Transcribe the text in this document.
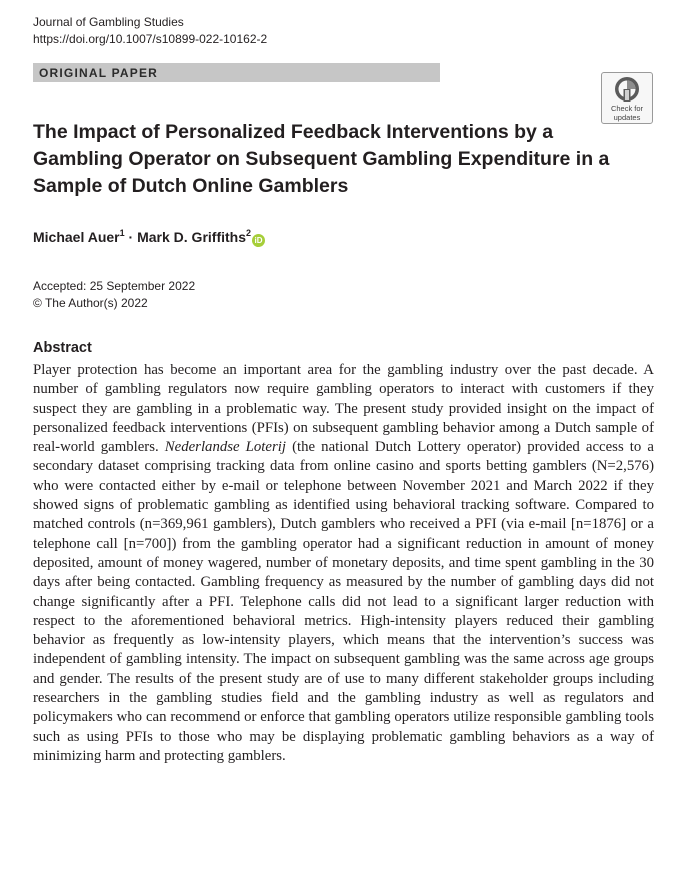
Journal of Gambling Studies
https://doi.org/10.1007/s10899-022-10162-2
ORIGINAL PAPER
Check for
updates
The Impact of Personalized Feedback Interventions by a Gambling Operator on Subsequent Gambling Expenditure in a Sample of Dutch Online Gamblers
Michael Auer$^1$ · Mark D. Griffiths$^2$iD
Accepted: 25 September 2022
© The Author(s) 2022
Abstract

Player protection has become an important area for the gambling industry over the past decade. A number of gambling regulators now require gambling operators to interact with customers if they suspect they are gambling in a problematic way. The present study provided insight on the impact of personalized feedback interventions (PFIs) on subsequent gambling behavior among a Dutch sample of real-world gamblers. Nederlandse Loterij (the national Dutch Lottery operator) provided access to a secondary dataset comprising tracking data from online casino and sports betting gamblers (N=2,576) who were contacted either by e-mail or telephone between November 2021 and March 2022 if they showed signs of problematic gambling as identified using behavioral tracking software. Compared to matched controls (n=369,961 gamblers), Dutch gamblers who received a PFI (via e-mail [n=1876] or a telephone call [n=700]) from the gambling operator had a significant reduction in amount of money deposited, amount of money wagered, number of monetary deposits, and time spent gambling in the 30 days after being contacted. Gambling frequency as measured by the number of gambling days did not change significantly after a PFI. Telephone calls did not lead to a significant larger reduction with respect to the aforementioned behavioral metrics. High-intensity players reduced their gambling behavior as frequently as low-intensity players, which means that the intervention’s success was independent of gambling intensity. The impact on subsequent gambling was the same across age groups and gender. The results of the present study are of use to many different stakeholder groups including researchers in the gambling studies field and the gambling industry as well as regulators and policymakers who can recommend or enforce that gambling operators utilize responsible gambling tools such as using PFIs to those who may be displaying problematic gambling behaviors as a way of minimizing harm and protecting gamblers.
